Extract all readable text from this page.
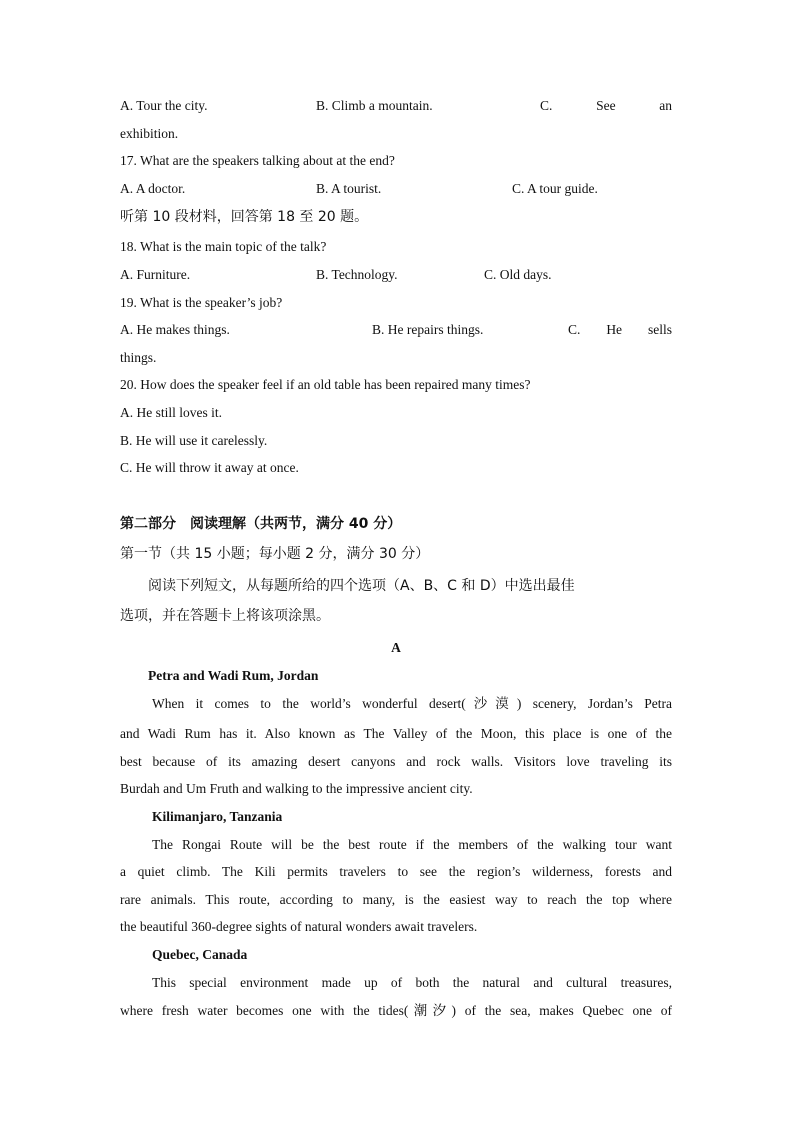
A. Tour the city.	B. Climb a mountain.	C.	See	an
exhibition.
17. What are the speakers talking about at the end?
A. A doctor.	B. A tourist.	C. A tour guide.
听第 10 段材料，回答第 18 至 20 题。
18. What is the main topic of the talk?
A. Furniture.	B. Technology.	C. Old days.
19. What is the speaker’s job?
A. He makes things.	B. He repairs things.	C. He sells
things.
20. How does the speaker feel if an old table has been repaired many times?
A. He still loves it.
B. He will use it carelessly.
C. He will throw it away at once.
第二部分　阅读理解（共两节，满分 40 分）
第一节（共 15 小题；每小题 2 分，满分 30 分）
阅读下列短文，从每题所给的四个选项（A、B、C 和 D）中选出最佳
选项，并在答题卡上将该项涂黑。
A
Petra and Wadi Rum, Jordan
When it comes to the world’s wonderful desert(沙漠) scenery, Jordan’s Petra
and Wadi Rum has it. Also known as The Valley of the Moon, this place is one of the
best because of its amazing desert canyons and rock walls. Visitors love traveling its
Burdah and Um Fruth and walking to the impressive ancient city.
Kilimanjaro, Tanzania
The Rongai Route will be the best route if the members of the walking tour want
a quiet climb. The Kili permits travelers to see the region’s wilderness, forests and
rare animals. This route, according to many, is the easiest way to reach the top where
the beautiful 360-degree sights of natural wonders await travelers.
Quebec, Canada
This special environment made up of both the natural and cultural treasures,
where fresh water becomes one with the tides(潮汐) of the sea, makes Quebec one of
